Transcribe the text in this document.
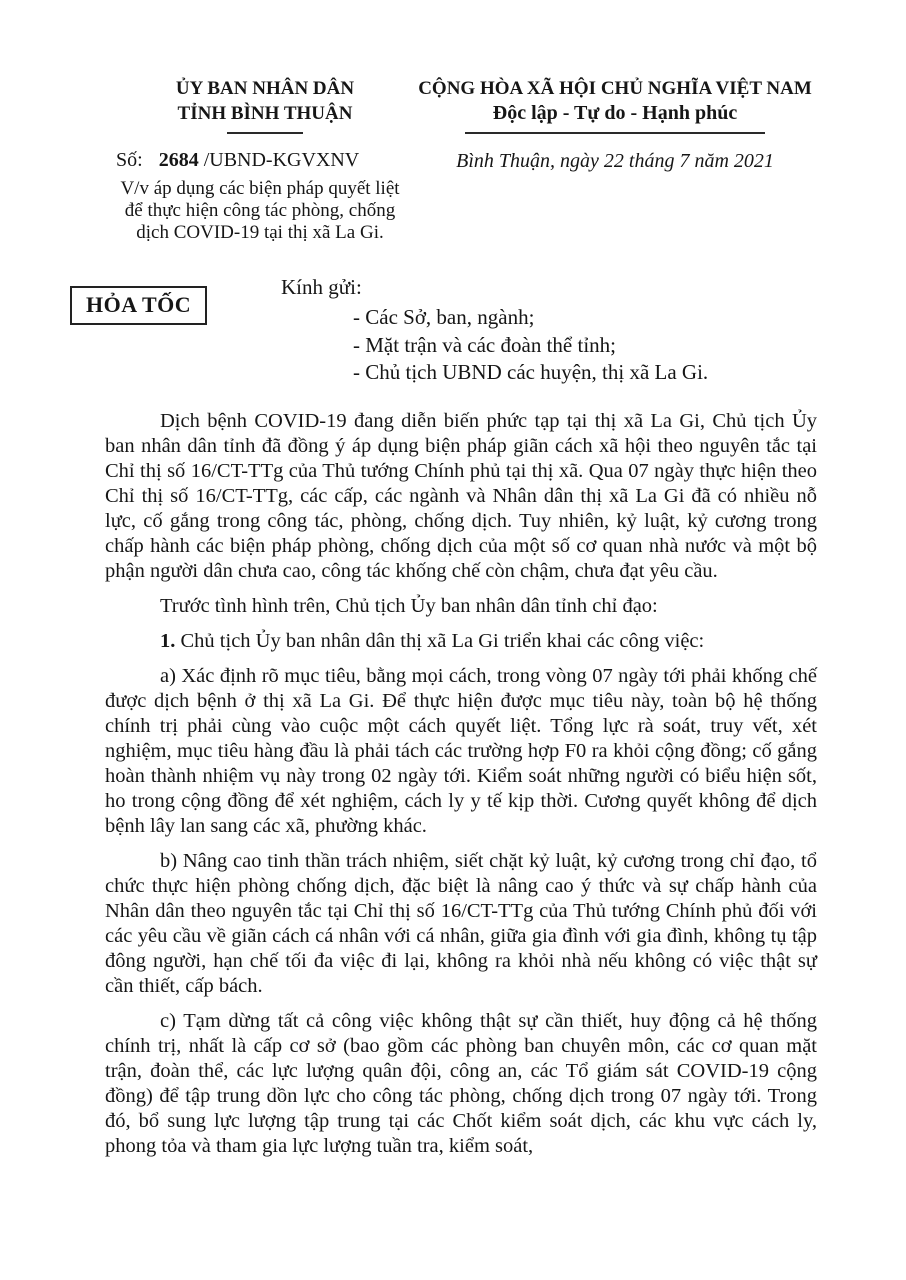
ỦY BAN NHÂN DÂN
TỈNH BÌNH THUẬN
CỘNG HÒA XÃ HỘI CHỦ NGHĨA VIỆT NAM
Độc lập - Tự do - Hạnh phúc
Số: 2684 /UBND-KGVXNV	Bình Thuận, ngày 22 tháng 7 năm 2021
V/v áp dụng các biện pháp quyết liệt để thực hiện công tác phòng, chống dịch COVID-19 tại thị xã La Gi.
HỎA TỐC
Kính gửi:
- Các Sở, ban, ngành;
- Mặt trận và các đoàn thể tỉnh;
- Chủ tịch UBND các huyện, thị xã La Gi.

Dịch bệnh COVID-19 đang diễn biến phức tạp tại thị xã La Gi, Chủ tịch Ủy ban nhân dân tỉnh đã đồng ý áp dụng biện pháp giãn cách xã hội theo nguyên tắc tại Chỉ thị số 16/CT-TTg của Thủ tướng Chính phủ tại thị xã. Qua 07 ngày thực hiện theo Chỉ thị số 16/CT-TTg, các cấp, các ngành và Nhân dân thị xã La Gi đã có nhiều nỗ lực, cố gắng trong công tác, phòng, chống dịch. Tuy nhiên, kỷ luật, kỷ cương trong chấp hành các biện pháp phòng, chống dịch của một số cơ quan nhà nước và một bộ phận người dân chưa cao, công tác khống chế còn chậm, chưa đạt yêu cầu.

Trước tình hình trên, Chủ tịch Ủy ban nhân dân tỉnh chỉ đạo:

1. Chủ tịch Ủy ban nhân dân thị xã La Gi triển khai các công việc:

a) Xác định rõ mục tiêu, bằng mọi cách, trong vòng 07 ngày tới phải khống chế được dịch bệnh ở thị xã La Gi. Để thực hiện được mục tiêu này, toàn bộ hệ thống chính trị phải cùng vào cuộc một cách quyết liệt. Tổng lực rà soát, truy vết, xét nghiệm, mục tiêu hàng đầu là phải tách các trường hợp F0 ra khỏi cộng đồng; cố gắng hoàn thành nhiệm vụ này trong 02 ngày tới. Kiểm soát những người có biểu hiện sốt, ho trong cộng đồng để xét nghiệm, cách ly y tế kịp thời. Cương quyết không để dịch bệnh lây lan sang các xã, phường khác.

b) Nâng cao tinh thần trách nhiệm, siết chặt kỷ luật, kỷ cương trong chỉ đạo, tổ chức thực hiện phòng chống dịch, đặc biệt là nâng cao ý thức và sự chấp hành của Nhân dân theo nguyên tắc tại Chỉ thị số 16/CT-TTg của Thủ tướng Chính phủ đối với các yêu cầu về giãn cách cá nhân với cá nhân, giữa gia đình với gia đình, không tụ tập đông người, hạn chế tối đa việc đi lại, không ra khỏi nhà nếu không có việc thật sự cần thiết, cấp bách.

c) Tạm dừng tất cả công việc không thật sự cần thiết, huy động cả hệ thống chính trị, nhất là cấp cơ sở (bao gồm các phòng ban chuyên môn, các cơ quan mặt trận, đoàn thể, các lực lượng quân đội, công an, các Tổ giám sát COVID-19 cộng đồng) để tập trung dồn lực cho công tác phòng, chống dịch trong 07 ngày tới. Trong đó, bổ sung lực lượng tập trung tại các Chốt kiểm soát dịch, các khu vực cách ly, phong tỏa và tham gia lực lượng tuần tra, kiểm soát,
